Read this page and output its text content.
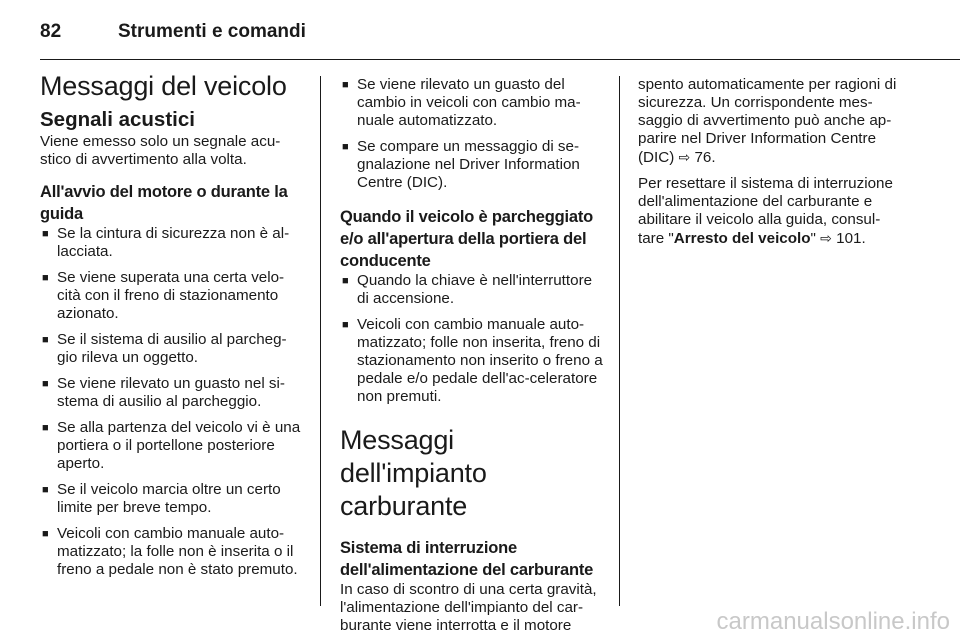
82	Strumenti e comandi
Messaggi del veicolo
Segnali acustici

Viene emesso solo un segnale acu-stico di avvertimento alla volta.

All'avvio del motore o durante la guida
■ Se la cintura di sicurezza non è al-lacciata.
■ Se viene superata una certa velo-cità con il freno di stazionamento azionato.
■ Se il sistema di ausilio al parcheg-gio rileva un oggetto.
■ Se viene rilevato un guasto nel si-stema di ausilio al parcheggio.
■ Se alla partenza del veicolo vi è una portiera o il portellone posteriore aperto.
■ Se il veicolo marcia oltre un certo limite per breve tempo.
■ Veicoli con cambio manuale auto-matizzato; la folle non è inserita o il freno a pedale non è stato premuto.
■ Se viene rilevato un guasto del cambio in veicoli con cambio ma-nuale automatizzato.
■ Se compare un messaggio di se-gnalazione nel Driver Information Centre (DIC).
Quando il veicolo è parcheggiato e/o all'apertura della portiera del conducente
■ Quando la chiave è nell'interruttore di accensione.
■ Veicoli con cambio manuale auto-matizzato; folle non inserita, freno di stazionamento non inserito o freno a pedale e/o pedale dell'ac-celeratore non premuti.
Messaggi dell'impianto carburante
Sistema di interruzione dell'alimentazione del carburante

In caso di scontro di una certa gravità, l'alimentazione dell'impianto del car-burante viene interrotta e il motore

spento automaticamente per ragioni di sicurezza. Un corrispondente mes-saggio di avvertimento può anche ap-parire nel Driver Information Centre (DIC) ⇨ 76.

Per resettare il sistema di interruzione dell'alimentazione del carburante e abilitare il veicolo alla guida, consul-tare "Arresto del veicolo" ⇨ 101.

carmanualsonline.info
